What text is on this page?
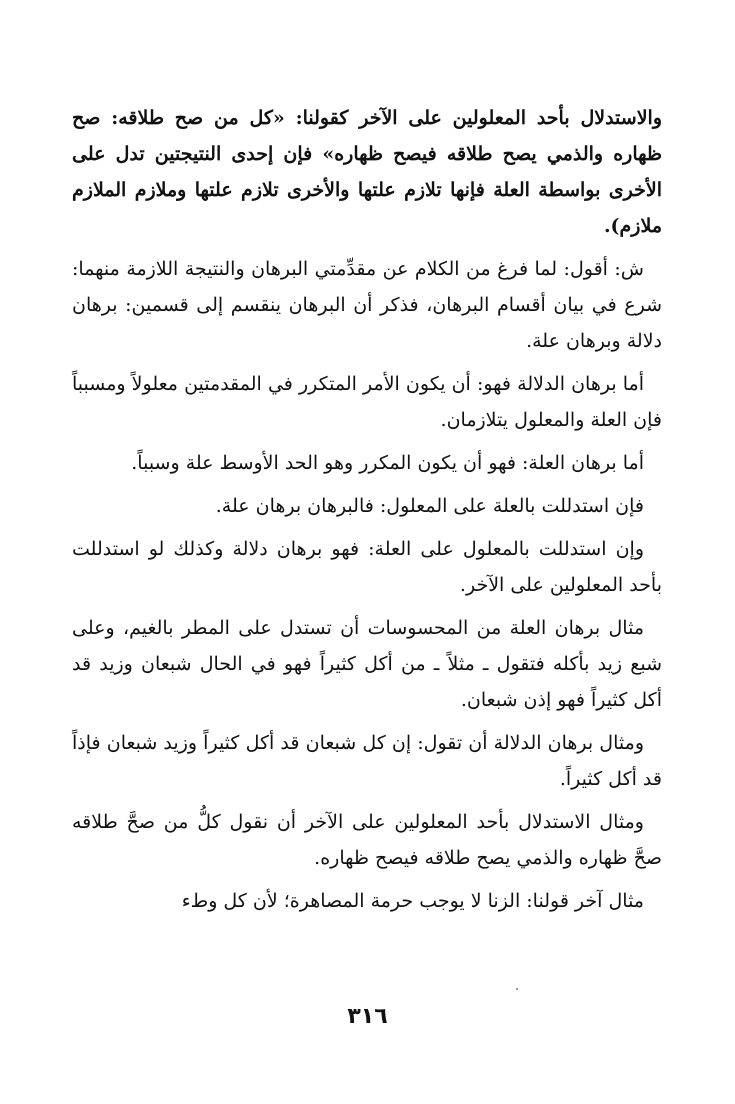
والاستدلال بأحد المعلولين على الآخر كقولنا: «كل من صح طلاقه: صح ظهاره والذمي يصح طلاقه فيصح ظهاره» فإن إحدى النتيجتين تدل على الأخرى بواسطة العلة فإنها تلازم علتها والأخرى تلازم علتها وملازم الملازم ملازم).

ش: أقول: لما فرغ من الكلام عن مقدِّمتي البرهان والنتيجة اللازمة منهما: شرع في بيان أقسام البرهان، فذكر أن البرهان ينقسم إلى قسمين: برهان دلالة وبرهان علة.

أما برهان الدلالة فهو: أن يكون الأمر المتكرر في المقدمتين معلولاً ومسبباً فإن العلة والمعلول يتلازمان.

أما برهان العلة: فهو أن يكون المكرر وهو الحد الأوسط علة وسبباً.

فإن استدللت بالعلة على المعلول: فالبرهان برهان علة.

وإن استدللت بالمعلول على العلة: فهو برهان دلالة وكذلك لو استدللت بأحد المعلولين على الآخر.

مثال برهان العلة من المحسوسات أن تستدل على المطر بالغيم، وعلى شبع زيد بأكله فتقول ـ مثلاً ـ من أكل كثيراً فهو في الحال شبعان وزيد قد أكل كثيراً فهو إذن شبعان.

ومثال برهان الدلالة أن تقول: إن كل شبعان قد أكل كثيراً وزيد شبعان فإذاً قد أكل كثيراً.

ومثال الاستدلال بأحد المعلولين على الآخر أن نقول كلُّ من صحَّ طلاقه صحَّ ظهاره والذمي يصح طلاقه فيصح ظهاره.

مثال آخر قولنا: الزنا لا يوجب حرمة المصاهرة؛ لأن كل وطء

٣١٦
